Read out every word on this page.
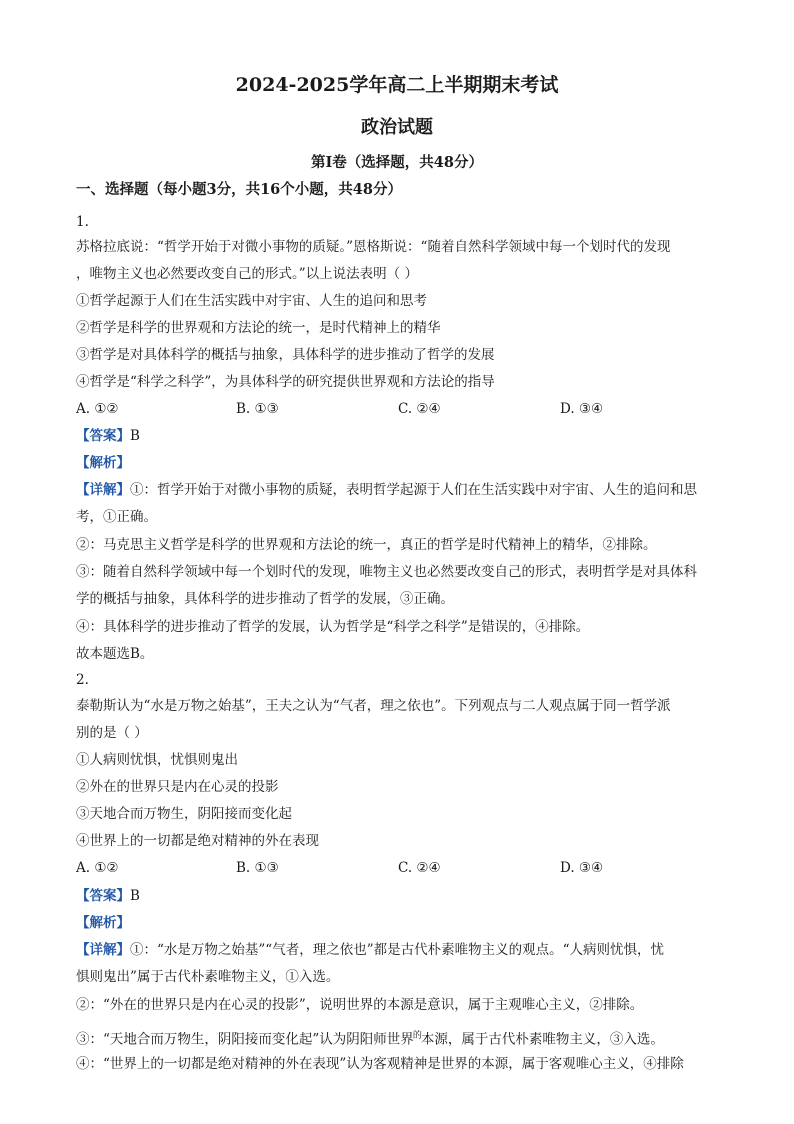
2024-2025学年高二上半期期末考试
政治试题
第Ⅰ卷（选择题，共48分）
一、选择题（每小题3分，共16个小题，共48分）
1.
苏格拉底说：“哲学开始于对微小事物的质疑。”恩格斯说：“随着自然科学领域中每一个划时代的发现
，唯物主义也必然要改变自己的形式。”以上说法表明（ ）
①哲学起源于人们在生活实践中对宇宙、人生的追问和思考
②哲学是科学的世界观和方法论的统一，是时代精神上的精华
③哲学是对具体科学的概括与抽象，具体科学的进步推动了哲学的发展
④哲学是“科学之科学”，为具体科学的研究提供世界观和方法论的指导
A. ①②	B. ①③	C. ②④	D. ③④
【答案】B
【解析】
【详解】①：哲学开始于对微小事物的质疑，表明哲学起源于人们在生活实践中对宇宙、人生的追问和思
考，①正确。
②：马克思主义哲学是科学的世界观和方法论的统一，真正的哲学是时代精神上的精华，②排除。
③：随着自然科学领域中每一个划时代的发现，唯物主义也必然要改变自己的形式，表明哲学是对具体科
学的概括与抽象，具体科学的进步推动了哲学的发展，③正确。
④：具体科学的进步推动了哲学的发展，认为哲学是“科学之科学”是错误的，④排除。
故本题选B。
2.
泰勒斯认为“水是万物之始基”，王夫之认为“气者，理之依也”。下列观点与二人观点属于同一哲学派
别的是（ ）
①人病则忧惧，忧惧则鬼出
②外在的世界只是内在心灵的投影
③天地合而万物生，阴阳接而变化起
④世界上的一切都是绝对精神的外在表现
A. ①②	B. ①③	C. ②④	D. ③④
【答案】B
【解析】
【详解】①：“水是万物之始基”“气者，理之依也”都是古代朴素唯物主义的观点。“人病则忧惧，忧
惧则鬼出”属于古代朴素唯物主义，①入选。
②：“外在的世界只是内在心灵的投影”，说明世界的本源是意识，属于主观唯心主义，②排除。
③：“天地合而万物生，阴阳接而变化起”认为阴阳师世界$^的$本源，属于古代朴素唯物主义，③入选。
④：“世界上的一切都是绝对精神的外在表现”认为客观精神是世界的本源，属于客观唯心主义，④排除
